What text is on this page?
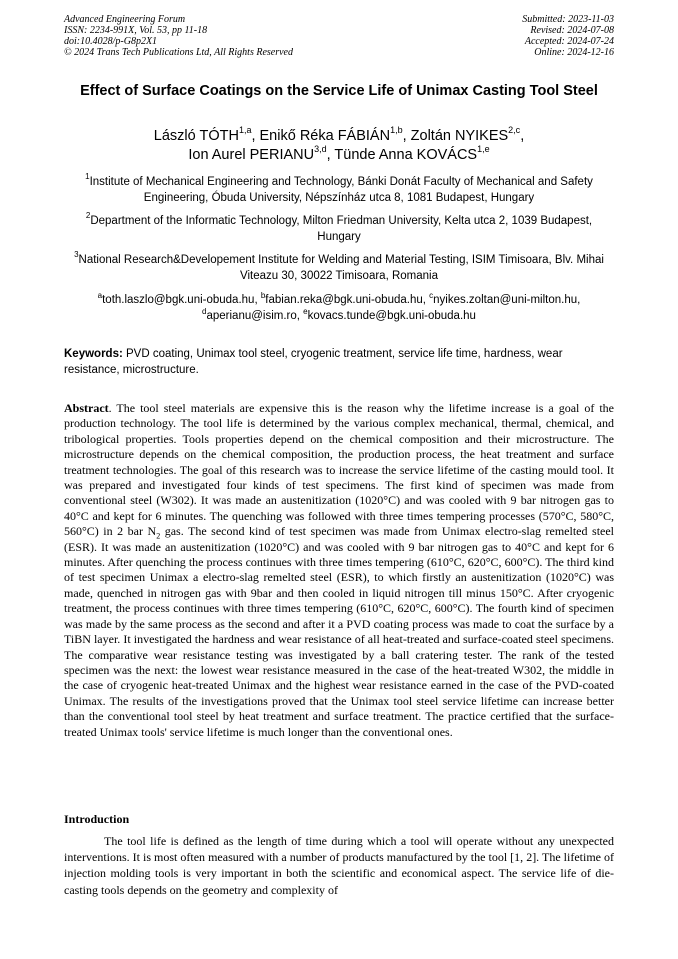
Advanced Engineering Forum
ISSN: 2234-991X, Vol. 53, pp 11-18
doi:10.4028/p-G8p2X1
© 2024 Trans Tech Publications Ltd, All Rights Reserved
Submitted: 2023-11-03
Revised: 2024-07-08
Accepted: 2024-07-24
Online: 2024-12-16
Effect of Surface Coatings on the Service Life of Unimax Casting Tool Steel
László TÓTH$^{1,a}$, Enikő Réka FÁBIÁN$^{1,b}$, Zoltán NYIKES$^{2,c}$,
Ion Aurel PERIANU$^{3,d}$, Tünde Anna KOVÁCS$^{1,e}$
$^1$Institute of Mechanical Engineering and Technology, Bánki Donát Faculty of Mechanical and Safety Engineering, Óbuda University, Népszínház utca 8, 1081 Budapest, Hungary
$^2$Department of the Informatic Technology, Milton Friedman University, Kelta utca 2, 1039 Budapest, Hungary
$^3$National Research&Developement Institute for Welding and Material Testing, ISIM Timisoara, Blv. Mihai Viteazu 30, 30022 Timisoara, Romania
$^a$toth.laszlo@bgk.uni-obuda.hu, $^b$fabian.reka@bgk.uni-obuda.hu, $^c$nyikes.zoltan@uni-milton.hu,
$^d$aperianu@isim.ro, $^e$kovacs.tunde@bgk.uni-obuda.hu
Keywords: PVD coating, Unimax tool steel, cryogenic treatment, service life time, hardness, wear resistance, microstructure.
Abstract. The tool steel materials are expensive this is the reason why the lifetime increase is a goal of the production technology. The tool life is determined by the various complex mechanical, thermal, chemical, and tribological properties. Tools properties depend on the chemical composition and their microstructure. The microstructure depends on the chemical composition, the production process, the heat treatment and surface treatment technologies. The goal of this research was to increase the service lifetime of the casting mould tool. It was prepared and investigated four kinds of test specimens. The first kind of specimen was made from conventional steel (W302). It was made an austenitization (1020°C) and was cooled with 9 bar nitrogen gas to 40°C and kept for 6 minutes. The quenching was followed with three times tempering processes (570°C, 580°C, 560°C) in 2 bar $N_2$ gas. The second kind of test specimen was made from Unimax electro-slag remelted steel (ESR). It was made an austenitization (1020°C) and was cooled with 9 bar nitrogen gas to 40°C and kept for 6 minutes. After quenching the process continues with three times tempering (610°C, 620°C, 600°C). The third kind of test specimen Unimax a electro-slag remelted steel (ESR), to which firstly an austenitization (1020°C) was made, quenched in nitrogen gas with 9bar and then cooled in liquid nitrogen till minus 150°C. After cryogenic treatment, the process continues with three times tempering (610°C, 620°C, 600°C). The fourth kind of specimen was made by the same process as the second and after it a PVD coating process was made to coat the surface by a TiBN layer. It investigated the hardness and wear resistance of all heat-treated and surface-coated steel specimens. The comparative wear resistance testing was investigated by a ball cratering tester. The rank of the tested specimen was the next: the lowest wear resistance measured in the case of the heat-treated W302, the middle in the case of cryogenic heat-treated Unimax and the highest wear resistance earned in the case of the PVD-coated Unimax. The results of the investigations proved that the Unimax tool steel service lifetime can increase better than the conventional tool steel by heat treatment and surface treatment. The practice certified that the surface-treated Unimax tools' service lifetime is much longer than the conventional ones.
Introduction
The tool life is defined as the length of time during which a tool will operate without any unexpected interventions. It is most often measured with a number of products manufactured by the tool [1, 2]. The lifetime of injection molding tools is very important in both the scientific and economical aspect. The service life of die-casting tools depends on the geometry and complexity of
